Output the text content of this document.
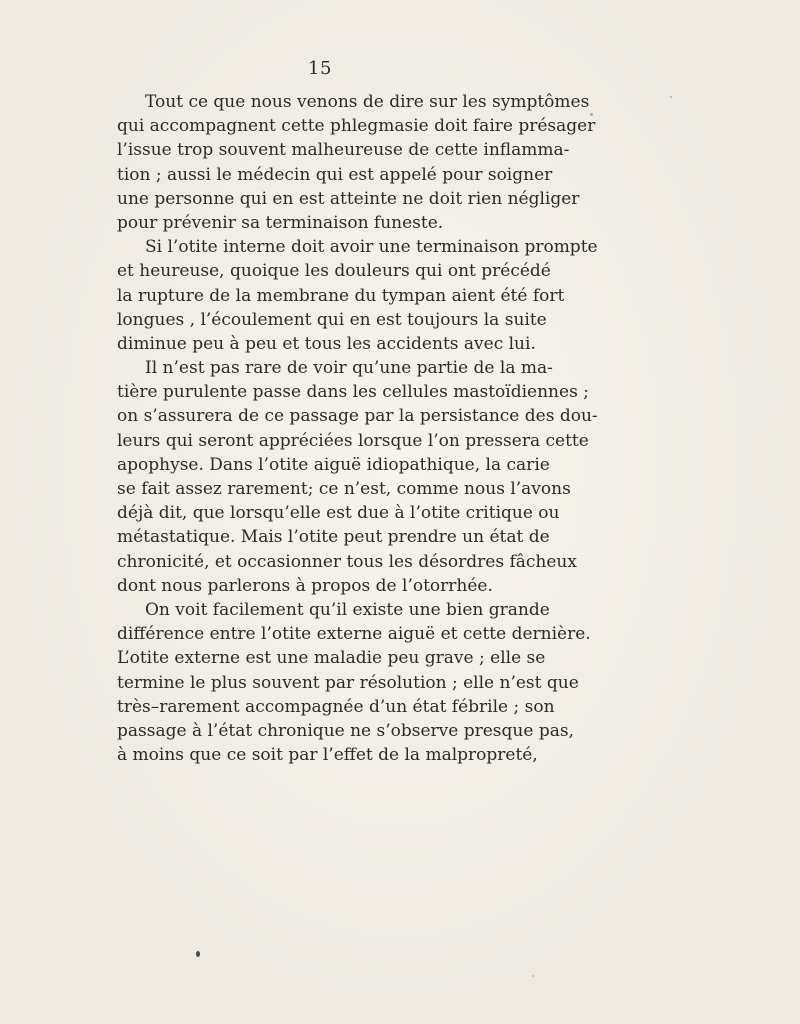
15
Tout ce que nous venons de dire sur les symptômes
qui accompagnent cette phlegmasie doit faire présager
l’issue trop souvent malheureuse de cette inflamma-
tion ; aussi le médecin qui est appelé pour soigner
une personne qui en est atteinte ne doit rien négliger
pour prévenir sa terminaison funeste.
Si l’otite interne doit avoir une terminaison prompte
et heureuse, quoique les douleurs qui ont précédé
la rupture de la membrane du tympan aient été fort
longues , l’écoulement qui en est toujours la suite
diminue peu à peu et tous les accidents avec lui.
Il n’est pas rare de voir qu’une partie de la ma-
tière purulente passe dans les cellules mastoïdiennes ;
on s’assurera de ce passage par la persistance des dou-
leurs qui seront appréciées lorsque l’on pressera cette
apophyse. Dans l’otite aiguë idiopathique, la carie
se fait assez rarement; ce n’est, comme nous l’avons
déjà dit, que lorsqu’elle est due à l’otite critique ou
métastatique. Mais l’otite peut prendre un état de
chronicité, et occasionner tous les désordres fâcheux
dont nous parlerons à propos de l’otorrhée.
On voit facilement qu’il existe une bien grande
différence entre l’otite externe aiguë et cette dernière.
L’otite externe est une maladie peu grave ; elle se
termine le plus souvent par résolution ; elle n’est que
très–rarement accompagnée d’un état fébrile ; son
passage à l’état chronique ne s’observe presque pas,
à moins que ce soit par l’effet de la malpropreté,
